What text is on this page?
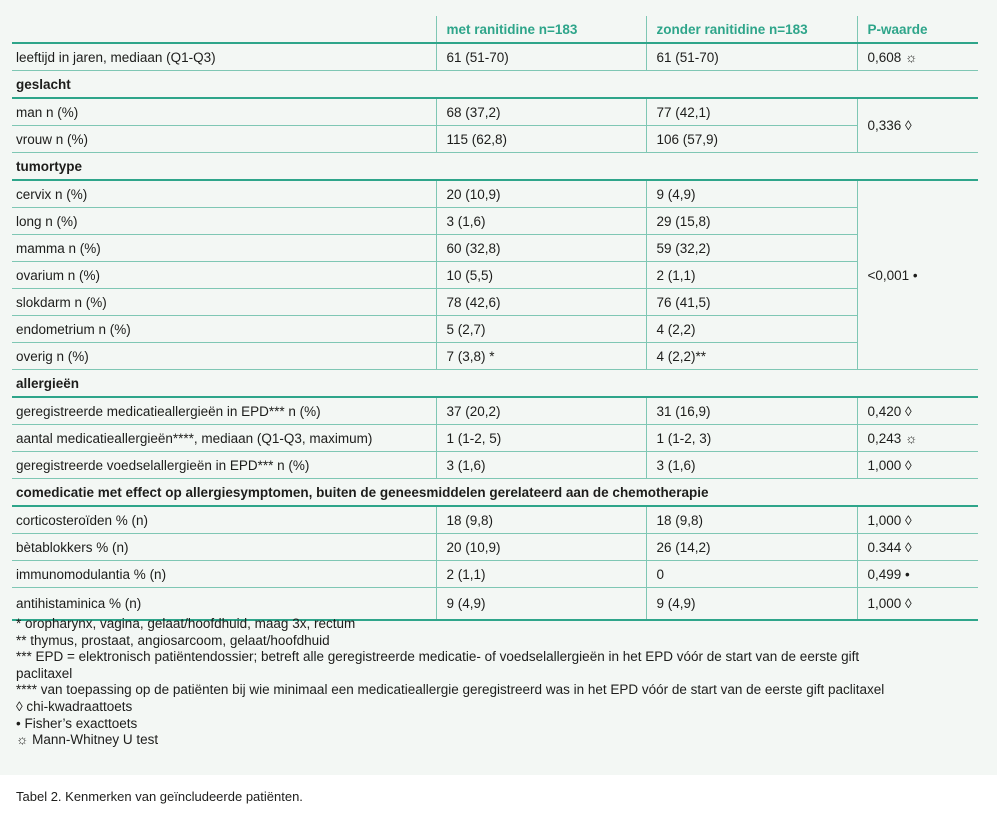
	met ranitidine n=183	zonder ranitidine n=183	P-waarde
leeftijd in jaren, mediaan (Q1-Q3)	61 (51-70)	61 (51-70)	0,608 ☼
geslacht			
man n (%)	68 (37,2)	77 (42,1)	0,336 ◊
vrouw n (%)	115 (62,8)	106 (57,9)	
tumortype			
cervix n (%)	20 (10,9)	9 (4,9)	<0,001 •
long n (%)	3 (1,6)	29 (15,8)	
mamma n (%)	60 (32,8)	59 (32,2)	
ovarium n (%)	10 (5,5)	2 (1,1)	
slokdarm n (%)	78 (42,6)	76 (41,5)	
endometrium n (%)	5 (2,7)	4 (2,2)	
overig n (%)	7 (3,8) *	4 (2,2)**	
allergieën			
geregistreerde medicatieallergieën in EPD*** n (%)	37 (20,2)	31 (16,9)	0,420 ◊
aantal medicatieallergieën****, mediaan (Q1-Q3, maximum)	1 (1-2, 5)	1 (1-2, 3)	0,243 ☼
geregistreerde voedselallergieën in EPD*** n (%)	3 (1,6)	3 (1,6)	1,000 ◊
comedicatie met effect op allergiesymptomen, buiten de geneesmiddelen gerelateerd aan de chemotherapie			
corticosteroïden % (n)	18 (9,8)	18 (9,8)	1,000 ◊
bètablokkers % (n)	20 (10,9)	26 (14,2)	0.344 ◊
immunomodulantia % (n)	2 (1,1)	0	0,499 •
antihistaminica % (n)	9 (4,9)	9 (4,9)	1,000 ◊
* oropharynx, vagina, gelaat/hoofdhuid, maag 3x, rectum
** thymus, prostaat, angiosarcoom, gelaat/hoofdhuid
*** EPD = elektronisch patiëntendossier; betreft alle geregistreerde medicatie- of voedselallergieën in het EPD vóór de start van de eerste gift
paclitaxel
**** van toepassing op de patiënten bij wie minimaal een medicatieallergie geregistreerd was in het EPD vóór de start van de eerste gift paclitaxel
◊ chi-kwadraattoets
• Fisher’s exacttoets
☼ Mann-Whitney U test
Tabel 2. Kenmerken van geïncludeerde patiënten.
